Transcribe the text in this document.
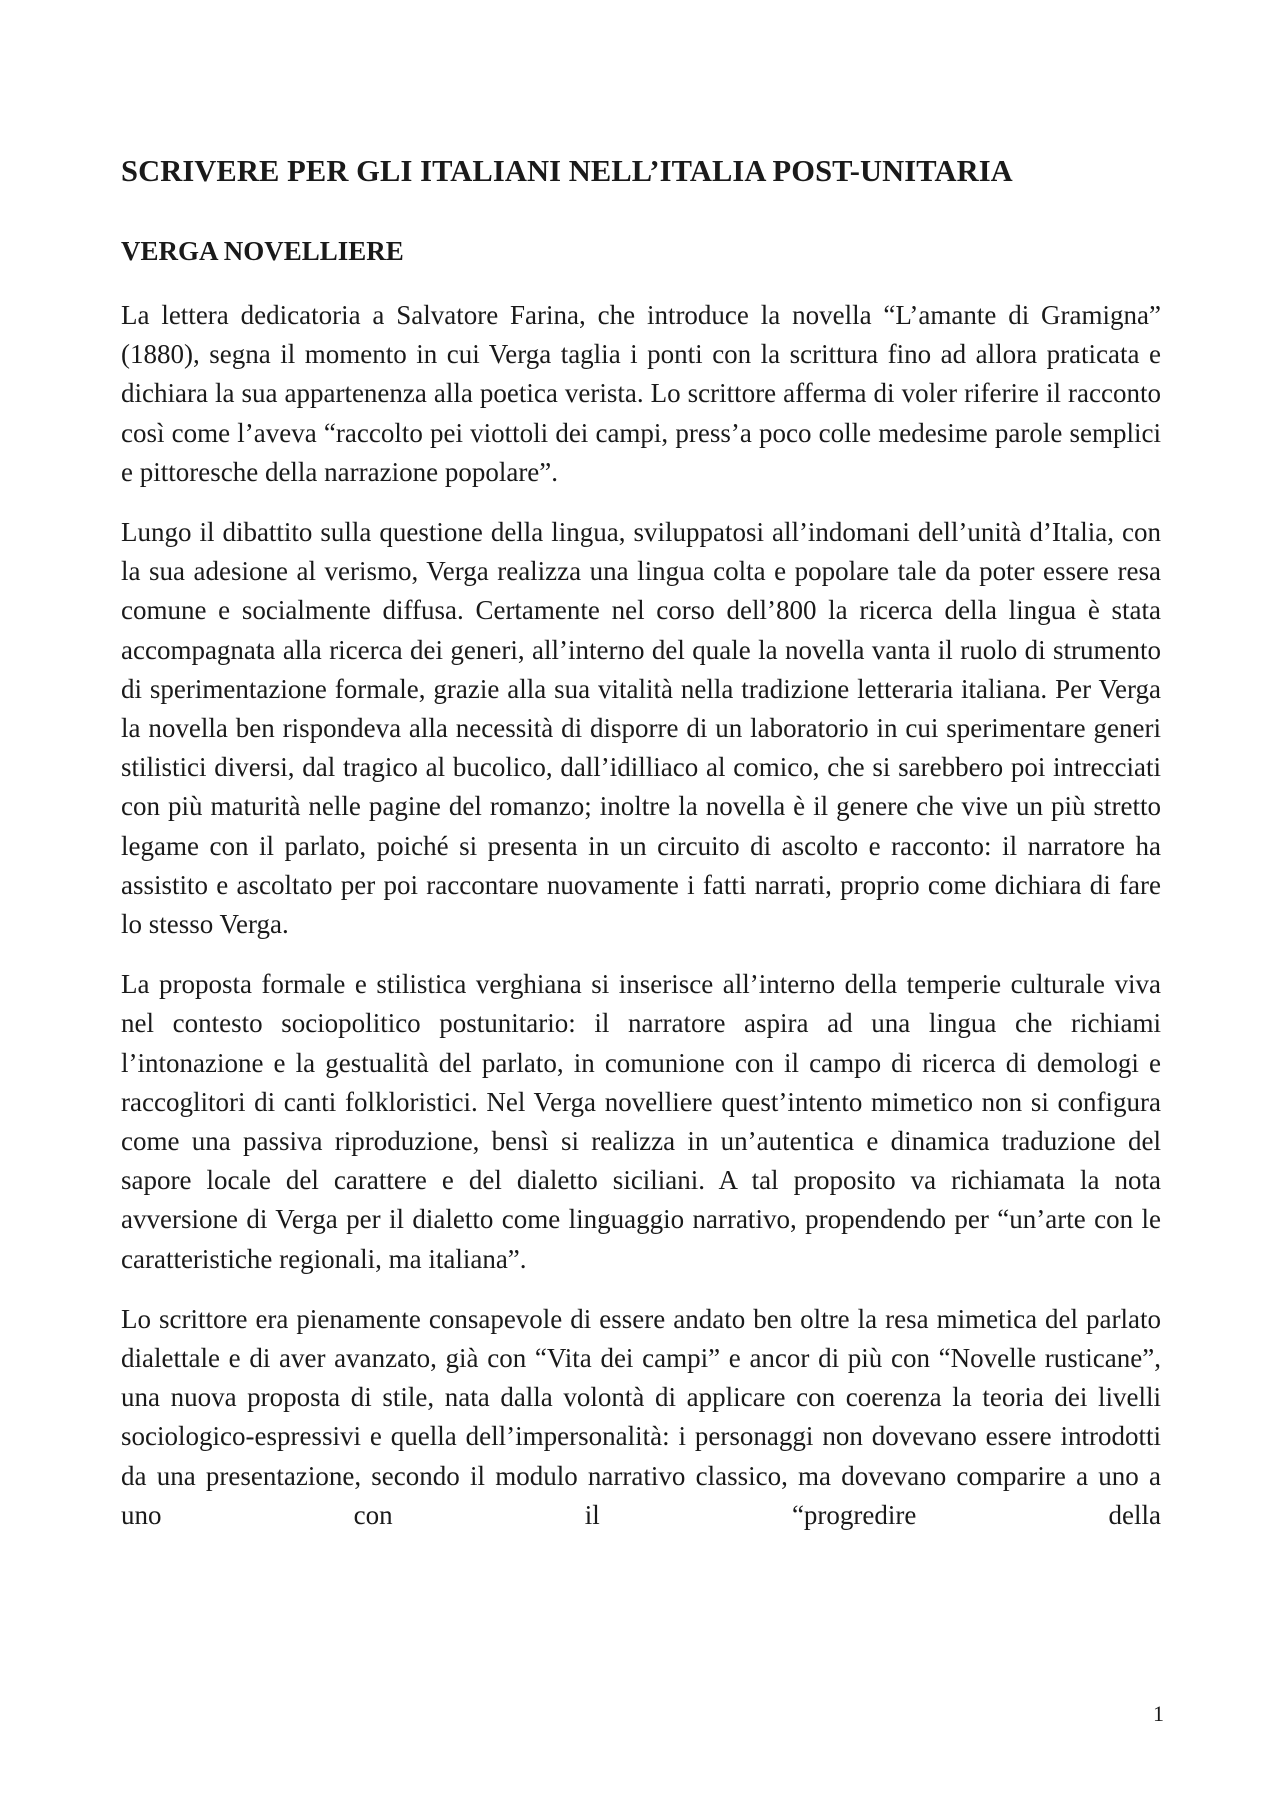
SCRIVERE PER GLI ITALIANI NELL’ITALIA POST-UNITARIA
VERGA NOVELLIERE

La lettera dedicatoria a Salvatore Farina, che introduce la novella “L’amante di Gramigna” (1880), segna il momento in cui Verga taglia i ponti con la scrittura fino ad allora praticata e dichiara la sua appartenenza alla poetica verista. Lo scrittore afferma di voler riferire il racconto così come l’aveva “raccolto pei viottoli dei campi, press’a poco colle medesime parole semplici e pittoresche della narrazione popolare”.

Lungo il dibattito sulla questione della lingua, sviluppatosi all’indomani dell’unità d’Italia, con la sua adesione al verismo, Verga realizza una lingua colta e popolare tale da poter essere resa comune e socialmente diffusa. Certamente nel corso dell’800 la ricerca della lingua è stata accompagnata alla ricerca dei generi, all’interno del quale la novella vanta il ruolo di strumento di sperimentazione formale, grazie alla sua vitalità nella tradizione letteraria italiana. Per Verga la novella ben rispondeva alla necessità di disporre di un laboratorio in cui sperimentare generi stilistici diversi, dal tragico al bucolico, dall’idilliaco al comico, che si sarebbero poi intrecciati con più maturità nelle pagine del romanzo; inoltre la novella è il genere che vive un più stretto legame con il parlato, poiché si presenta in un circuito di ascolto e racconto: il narratore ha assistito e ascoltato per poi raccontare nuovamente i fatti narrati, proprio come dichiara di fare lo stesso Verga.

La proposta formale e stilistica verghiana si inserisce all’interno della temperie culturale viva nel contesto sociopolitico postunitario: il narratore aspira ad una lingua che richiami l’intonazione e la gestualità del parlato, in comunione con il campo di ricerca di demologi e raccoglitori di canti folkloristici. Nel Verga novelliere quest’intento mimetico non si configura come una passiva riproduzione, bensì si realizza in un’autentica e dinamica traduzione del sapore locale del carattere e del dialetto siciliani. A tal proposito va richiamata la nota avversione di Verga per il dialetto come linguaggio narrativo, propendendo per “un’arte con le caratteristiche regionali, ma italiana”.

Lo scrittore era pienamente consapevole di essere andato ben oltre la resa mimetica del parlato dialettale e di aver avanzato, già con “Vita dei campi” e ancor di più con “Novelle rusticane”, una nuova proposta di stile, nata dalla volontà di applicare con coerenza la teoria dei livelli sociologico-espressivi e quella dell’impersonalità: i personaggi non dovevano essere introdotti da una presentazione, secondo il modulo narrativo classico, ma dovevano comparire a uno a uno con il “progredire della

1
